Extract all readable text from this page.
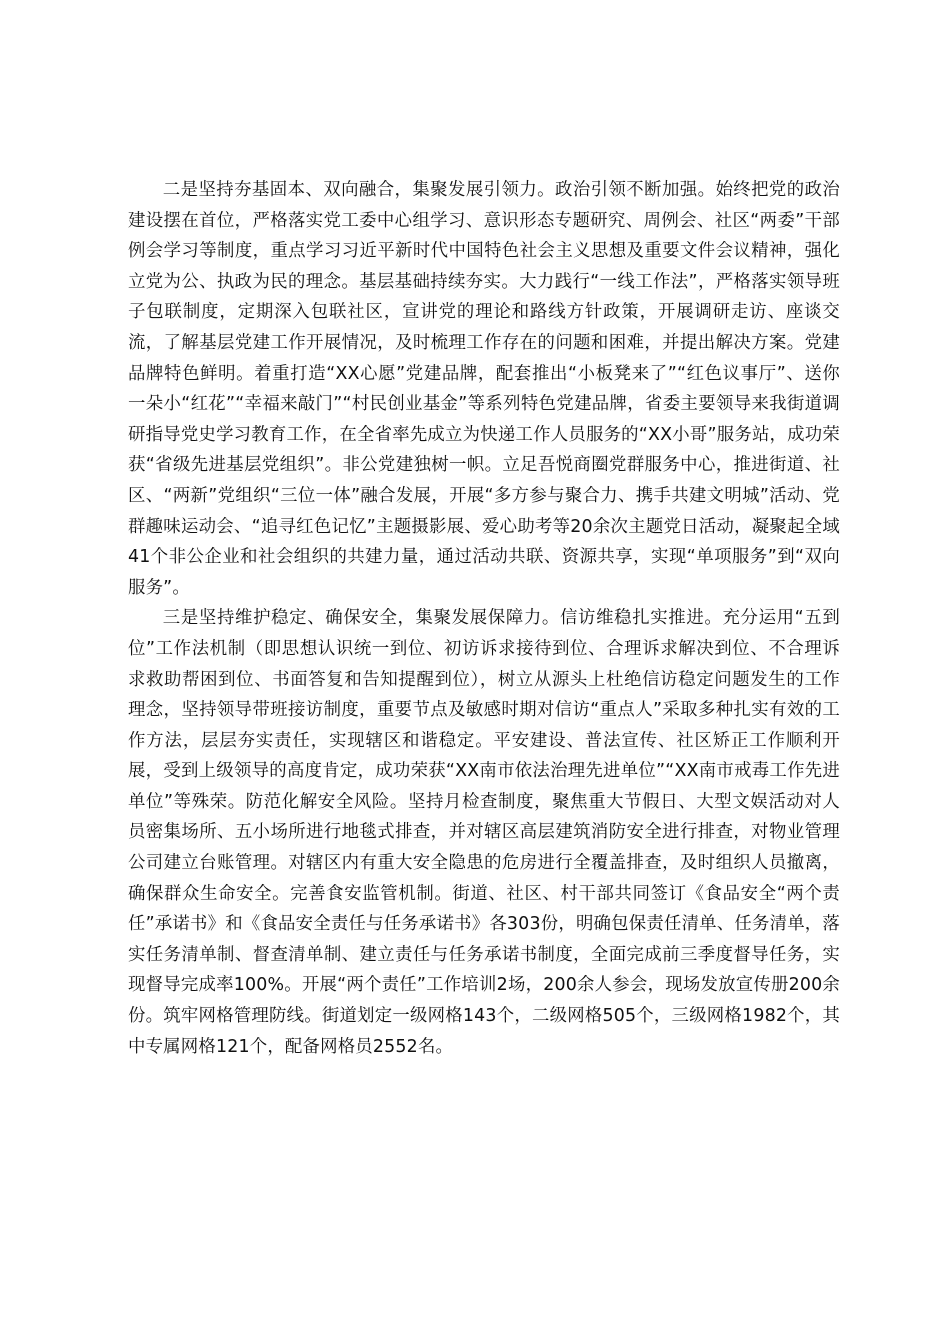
二是坚持夯基固本、双向融合，集聚发展引领力。政治引领不断加强。始终把党的政治建设摆在首位，严格落实党工委中心组学习、意识形态专题研究、周例会、社区“两委”干部例会学习等制度，重点学习习近平新时代中国特色社会主义思想及重要文件会议精神，强化立党为公、执政为民的理念。基层基础持续夯实。大力践行“一线工作法”，严格落实领导班子包联制度，定期深入包联社区，宣讲党的理论和路线方针政策，开展调研走访、座谈交流，了解基层党建工作开展情况，及时梳理工作存在的问题和困难，并提出解决方案。党建品牌特色鲜明。着重打造“XX心愿”党建品牌，配套推出“小板凳来了”“红色议事厅”、送你一朵小“红花”“幸福来敲门”“村民创业基金”等系列特色党建品牌，省委主要领导来我街道调研指导党史学习教育工作，在全省率先成立为快递工作人员服务的“XX小哥”服务站，成功荣获“省级先进基层党组织”。非公党建独树一帜。立足吾悦商圈党群服务中心，推进街道、社区、“两新”党组织“三位一体”融合发展，开展“多方参与聚合力、携手共建文明城”活动、党群趣味运动会、“追寻红色记忆”主题摄影展、爱心助考等20余次主题党日活动，凝聚起全域41个非公企业和社会组织的共建力量，通过活动共联、资源共享，实现“单项服务”到“双向服务”。

三是坚持维护稳定、确保安全，集聚发展保障力。信访维稳扎实推进。充分运用“五到位”工作法机制（即思想认识统一到位、初访诉求接待到位、合理诉求解决到位、不合理诉求救助帮困到位、书面答复和告知提醒到位），树立从源头上杜绝信访稳定问题发生的工作理念，坚持领导带班接访制度，重要节点及敏感时期对信访“重点人”采取多种扎实有效的工作方法，层层夯实责任，实现辖区和谐稳定。平安建设、普法宣传、社区矫正工作顺利开展，受到上级领导的高度肯定，成功荣获“XX南市依法治理先进单位”“XX南市戒毒工作先进单位”等殊荣。防范化解安全风险。坚持月检查制度，聚焦重大节假日、大型文娱活动对人员密集场所、五小场所进行地毯式排查，并对辖区高层建筑消防安全进行排查，对物业管理公司建立台账管理。对辖区内有重大安全隐患的危房进行全覆盖排查，及时组织人员撤离，确保群众生命安全。完善食安监管机制。街道、社区、村干部共同签订《食品安全“两个责任”承诺书》和《食品安全责任与任务承诺书》各303份，明确包保责任清单、任务清单，落实任务清单制、督查清单制、建立责任与任务承诺书制度，全面完成前三季度督导任务，实现督导完成率100%。开展“两个责任”工作培训2场，200余人参会，现场发放宣传册200余份。筑牢网格管理防线。街道划定一级网格143个，二级网格505个，三级网格1982个，其中专属网格121个，配备网格员2552名。
